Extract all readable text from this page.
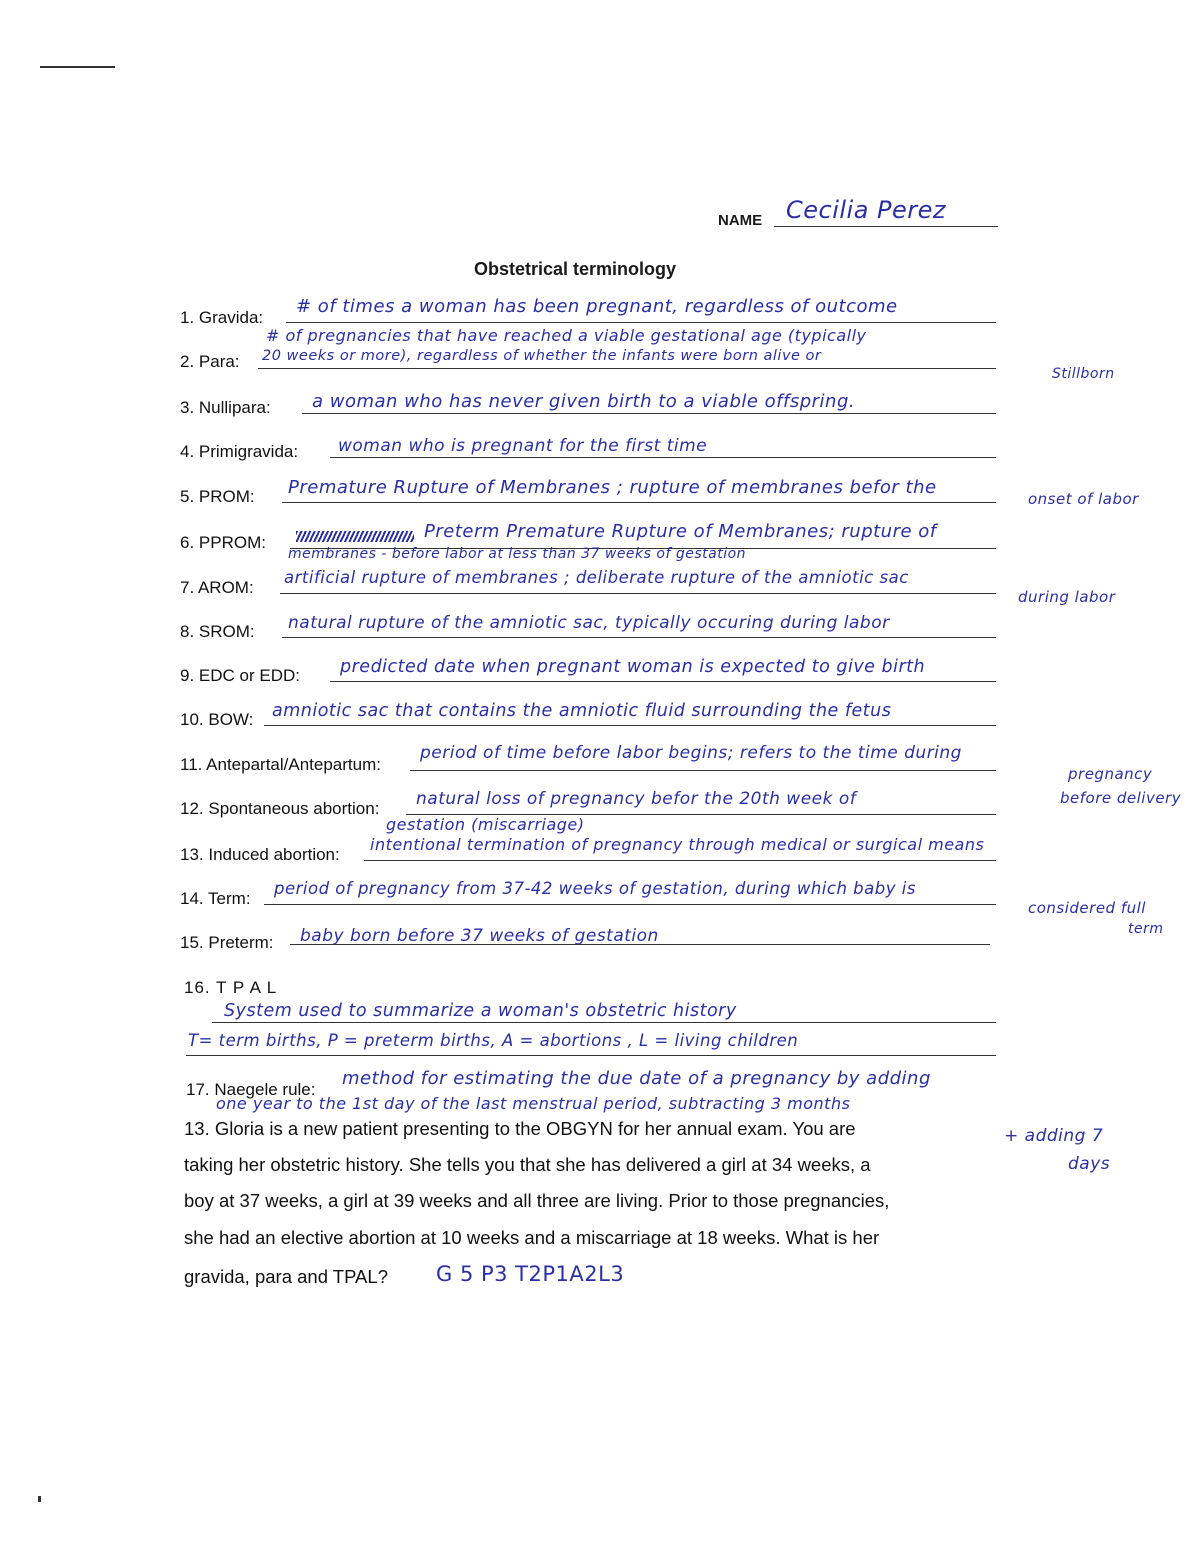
NAME Cecilia Perez
Obstetrical terminology
1. Gravida:
# of times a woman has been pregnant, regardless of outcome
# of pregnancies that have reached a viable gestational age (typically
2. Para: 20 weeks or more), regardless of whether the infants were born alive or
Stillborn
3. Nullipara: a woman who has never given birth to a viable offspring.
4. Primigravida: woman who is pregnant for the first time
5. PROM: Premature Rupture of Membranes ; rupture of membranes befor the
onset of labor
6. PPROM:
Preterm Premature Rupture of Membranes; rupture of
membranes - before labor at less than 37 weeks of gestation
7. AROM:
artificial rupture of membranes ; deliberate rupture of the amniotic sac
during labor
8. SROM: natural rupture of the amniotic sac, typically occuring during labor
9. EDC or EDD: predicted date when pregnant woman is expected to give birth
10. BOW: amniotic sac that contains the amniotic fluid surrounding the fetus
11. Antepartal/Antepartum:
period of time before labor begins; refers to the time during
pregnancy
12. Spontaneous abortion: natural loss of pregnancy befor the 20th week of	before delivery
gestation (miscarriage)
13. Induced abortion:
intentional termination of pregnancy through medical or surgical means
14. Term:
period of pregnancy from 37-42 weeks of gestation, during which baby is
considered full
15. Preterm: baby born before 37 weeks of gestation	term
16. T P A L
System used to summarize a woman's obstetric history
T= term births, P = preterm births, A = abortions , L = living children
17. Naegele rule:
method for estimating the due date of a pregnancy by adding
one year to the 1st day of the last menstrual period, subtracting 3 months
+ adding 7
days
13. Gloria is a new patient presenting to the OBGYN for her annual exam. You are
taking her obstetric history. She tells you that she has delivered a girl at 34 weeks, a
boy at 37 weeks, a girl at 39 weeks and all three are living. Prior to those pregnancies,
she had an elective abortion at 10 weeks and a miscarriage at 18 weeks. What is her
gravida, para and TPAL? G 5 P3 T2P1A2L3
